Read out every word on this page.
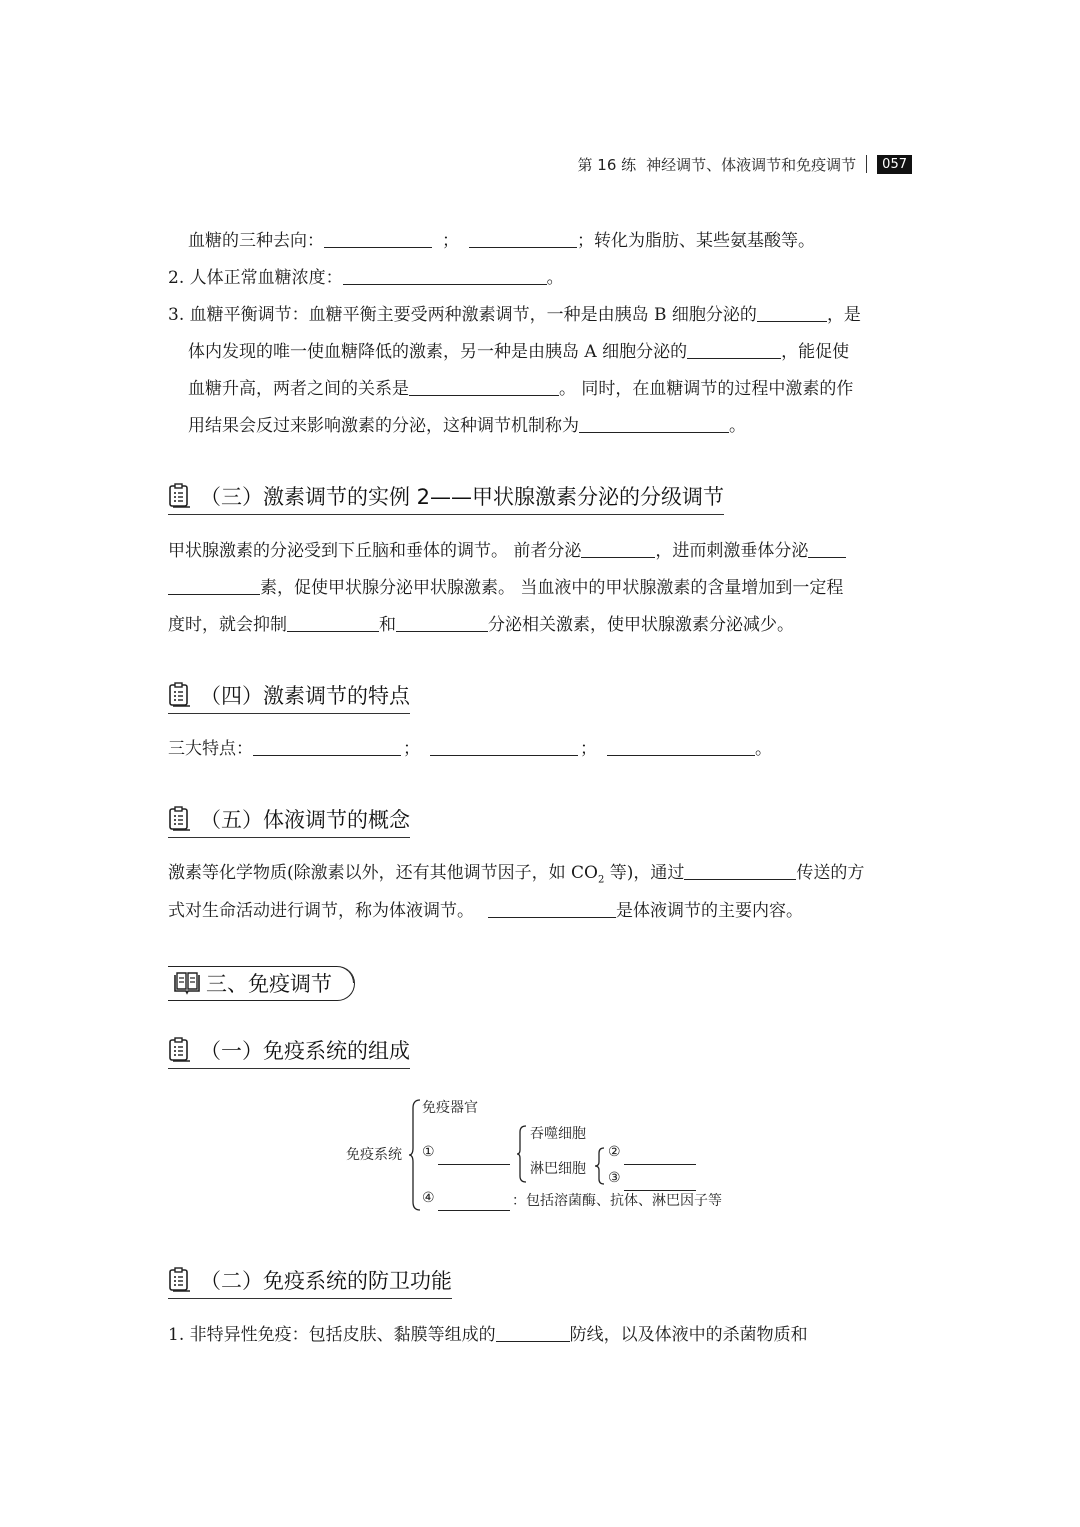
第 16 练 神经调节、体液调节和免疫调节	057
血糖的三种去向：	；	；转化为脂肪、某些氨基酸等。
2. 人体正常血糖浓度：	。
3. 血糖平衡调节：血糖平衡主要受两种激素调节，一种是由胰岛 B 细胞分泌的	，是
体内发现的唯一使血糖降低的激素，另一种是由胰岛 A 细胞分泌的	，能促使
血糖升高，两者之间的关系是	。 同时，在血糖调节的过程中激素的作
用结果会反过来影响激素的分泌，这种调节机制称为	。
（三）激素调节的实例 2——甲状腺激素分泌的分级调节
甲状腺激素的分泌受到下丘脑和垂体的调节。 前者分泌	，进而刺激垂体分泌
素，促使甲状腺分泌甲状腺激素。 当血液中的甲状腺激素的含量增加到一定程
度时，就会抑制	和	分泌相关激素，使甲状腺激素分泌减少。
（四）激素调节的特点
三大特点：	；	；	。
（五）体液调节的概念
激素等化学物质(除激素以外，还有其他调节因子，如 $CO_2$ 等)，通过	传送的方
式对生命活动进行调节，称为体液调节。	是体液调节的主要内容。
三、免疫调节
（一）免疫系统的组成
免疫系统
免疫器官
①
吞噬细胞
淋巴细胞
②
③
④	：包括溶菌酶、抗体、淋巴因子等
（二）免疫系统的防卫功能
1. 非特异性免疫：包括皮肤、黏膜等组成的	防线，以及体液中的杀菌物质和
